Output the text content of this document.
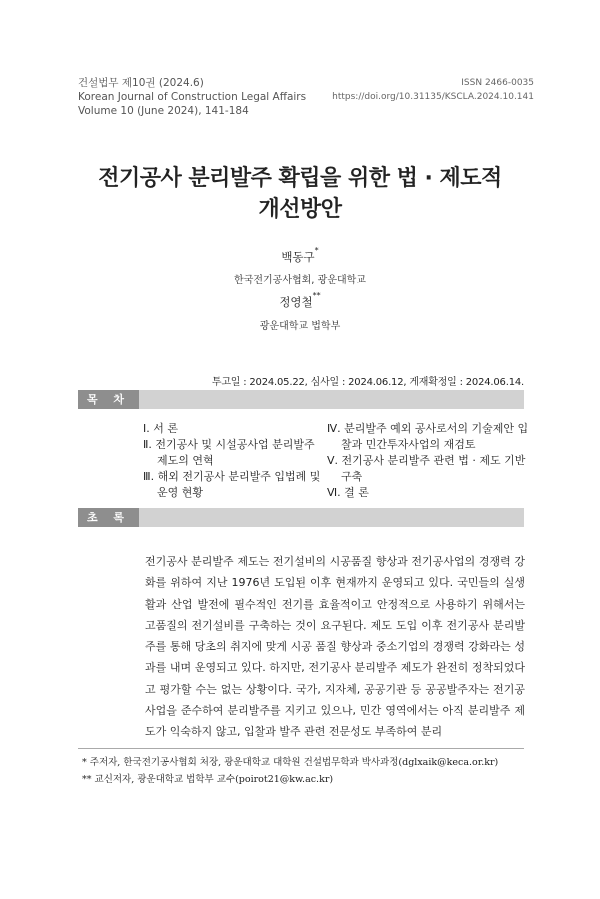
건설법무 제10권 (2024.6)
Korean Journal of Construction Legal Affairs
Volume 10 (June 2024), 141-184
ISSN 2466-0035
https://doi.org/10.31135/KSCLA.2024.10.141
전기공사 분리발주 확립을 위한 법 · 제도적
개선방안
백동구*
한국전기공사협회, 광운대학교
정영철**
광운대학교 법학부
투고일 : 2024.05.22, 심사일 : 2024.06.12, 게재확정일 : 2024.06.14.
목 차
Ⅰ. 서 론
Ⅱ. 전기공사 및 시설공사업 분리발주 제도의 연혁
Ⅲ. 해외 전기공사 분리발주 입법례 및 운영 현황
Ⅳ. 분리발주 예외 공사로서의 기술제안 입찰과 민간투자사업의 재검토
Ⅴ. 전기공사 분리발주 관련 법 · 제도 기반 구축
Ⅵ. 결 론
초 록

전기공사 분리발주 제도는 전기설비의 시공품질 향상과 전기공사업의 경쟁력 강화를 위하여 지난 1976년 도입된 이후 현재까지 운영되고 있다. 국민들의 실생활과 산업 발전에 필수적인 전기를 효율적이고 안정적으로 사용하기 위해서는 고품질의 전기설비를 구축하는 것이 요구된다. 제도 도입 이후 전기공사 분리발주를 통해 당초의 취지에 맞게 시공 품질 향상과 중소기업의 경쟁력 강화라는 성과를 내며 운영되고 있다. 하지만, 전기공사 분리발주 제도가 완전히 정착되었다고 평가할 수는 없는 상황이다. 국가, 지자체, 공공기관 등 공공발주자는 전기공사업을 준수하여 분리발주를 지키고 있으나, 민간 영역에서는 아직 분리발주 제도가 익숙하지 않고, 입찰과 발주 관련 전문성도 부족하여 분리

* 주저자, 한국전기공사협회 처장, 광운대학교 대학원 건설법무학과 박사과정(dglxaik@keca.or.kr)
** 교신저자, 광운대학교 법학부 교수(poirot21@kw.ac.kr)
